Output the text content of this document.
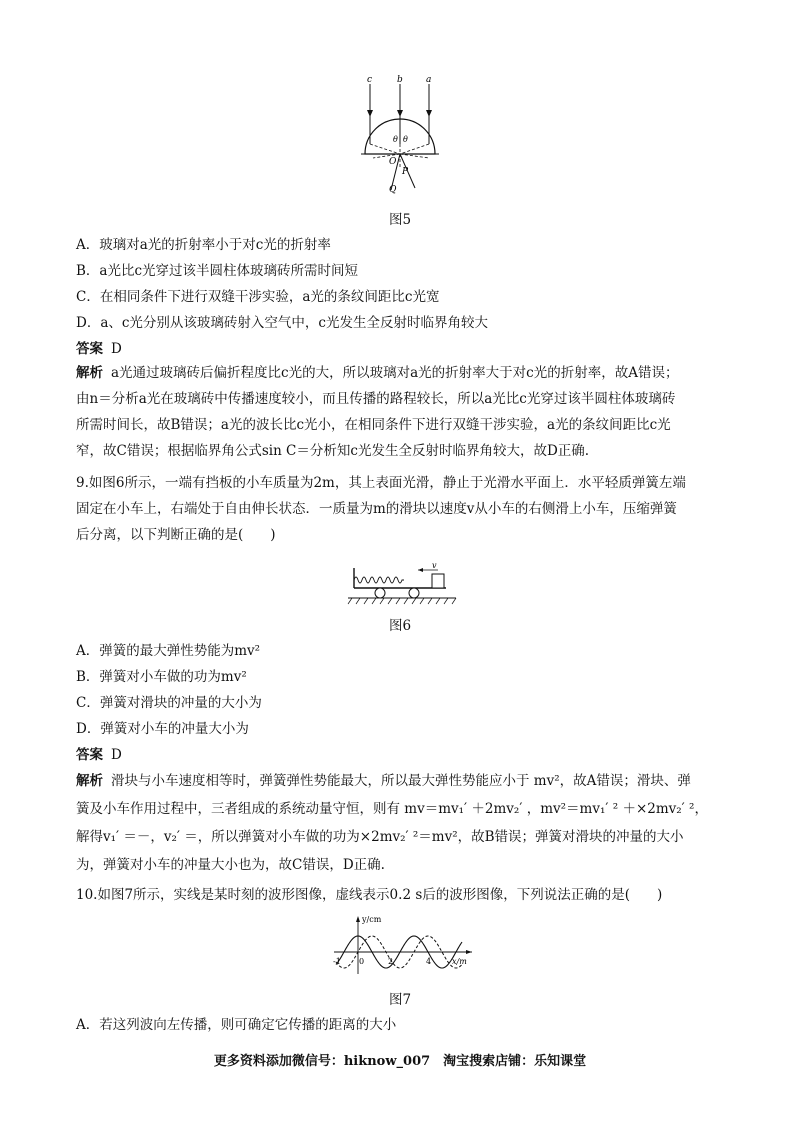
c	b	a
θ θ
O
P
Q
图5
A．玻璃对a光的折射率小于对c光的折射率
B．a光比c光穿过该半圆柱体玻璃砖所需时间短
C．在相同条件下进行双缝干涉实验，a光的条纹间距比c光宽
D．a、c光分别从该玻璃砖射入空气中，c光发生全反射时临界角较大
答案 D
解析 a光通过玻璃砖后偏折程度比c光的大，所以玻璃对a光的折射率大于对c光的折射率，故A错误；
由n＝分析a光在玻璃砖中传播速度较小，而且传播的路程较长，所以a光比c光穿过该半圆柱体玻璃砖
所需时间长，故B错误；a光的波长比c光小，在相同条件下进行双缝干涉实验，a光的条纹间距比c光
窄，故C错误；根据临界角公式sin C＝分析知c光发生全反射时临界角较大，故D正确.
9.如图6所示，一端有挡板的小车质量为2m，其上表面光滑，静止于光滑水平面上．水平轻质弹簧左端
固定在小车上，右端处于自由伸长状态．一质量为m的滑块以速度v从小车的右侧滑上小车，压缩弹簧
后分离，以下判断正确的是(　　)
v
图6
A．弹簧的最大弹性势能为mv²
B．弹簧对小车做的功为mv²
C．弹簧对滑块的冲量的大小为
D．弹簧对小车的冲量大小为
答案 D
解析 滑块与小车速度相等时，弹簧弹性势能最大，所以最大弹性势能应小于 mv²，故A错误；滑块、弹
簧及小车作用过程中，三者组成的系统动量守恒，则有 mv＝mv₁′ ＋2mv₂′ ，mv²＝mv₁′ ² ＋×2mv₂′ ²，
解得v₁′ ＝－，v₂′ ＝，所以弹簧对小车做的功为×2mv₂′ ²＝mv²，故B错误；弹簧对滑块的冲量的大小
为，弹簧对小车的冲量大小也为，故C错误，D正确.
10.如图7所示，实线是某时刻的波形图像，虚线表示0.2 s后的波形图像，下列说法正确的是(　　)
y/cm
x/m
-1 0	2	4
图7
A．若这列波向左传播，则可确定它传播的距离的大小
更多资料添加微信号：hiknow_007　淘宝搜索店铺：乐知课堂
